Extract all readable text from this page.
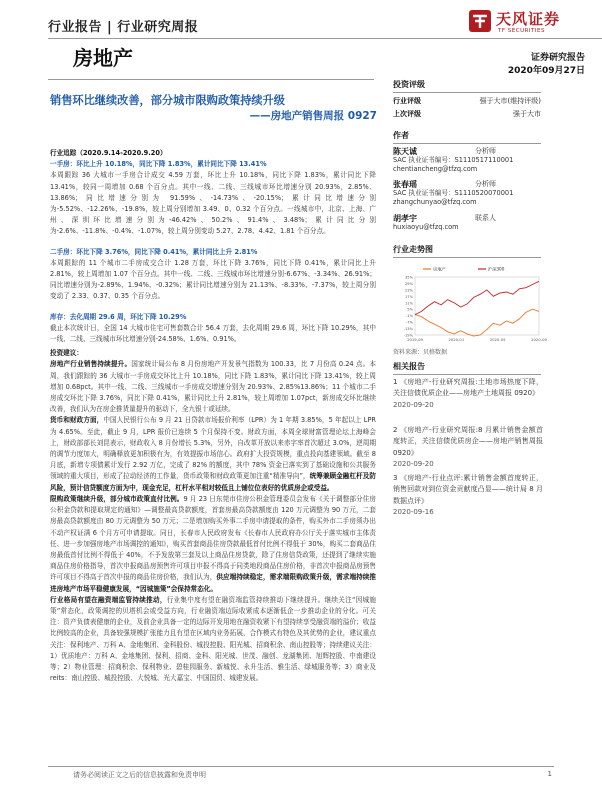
行业报告 | 行业研究周报	天风证券
TF SECURITIES
房地产	证券研究报告
2020年09月27日
销售环比继续改善，部分城市限购政策持续升级
——房地产销售周报 0927
行业追踪（2020.9.14-2020.9.20）
一手房：环比上升 10.18%，同比下降 1.83%，累计同比下降 13.41%
本周跟踪 36 大城市一手房合计成交 4.59 万套，环比上升 10.18%，同比下降 1.83%，累计同比下降 13.41%，较同一周增加 0.68 个百分点。其中一线、二线、三线城市环比增速分别 20.93%，2.85%、13.86%；同比增速分别为 91.59%、-14.73%、-20.15%；累计同比增速分别为-5.52%、-12.26%、-19.8%，较上周分别增加 3.49、0、0.32 个百分点。一线城市中，北京、上海、广州、深圳环比增速分别为-46.42%、50.2%、91.4%、3.48%；累计同比分别为-2.6%、-11.8%、-0.4%、-1.07%，较上周分别变动 5.27、2.78、4.42、1.81 个百分点。
二手房：环比下降 3.76%，同比下降 0.41%，累计同比上升 2.81%
本周跟踪的 11 个城市二手房成交合计 1.28 万套，环比下降 3.76%，同比下降 0.41%，累计同比上升 2.81%，较上周增加 1.07 个百分点。其中一线、二线、三线城市环比增速分别-6.67%、-3.34%、26.91%；同比增速分别为-2.89%、1.94%、-0.32%；累计同比增速分别为 21.13%、-8.33%、-7.37%，较上周分别变动了 2.33、0.37、0.35 个百分点。
库存：去化周期 29.6 周，环比下降 10.29%
截止本次统计日，全国 14 大城市住宅可售套数合计 56.4 万套，去化周期 29.6 周，环比下降 10.29%，其中一线、二线、三线城市环比增速分别-24.58%、1.6%、0.91%。
投资建议：
房地产行业销售持续提升。国家统计局公布 8 月份房地产开发景气指数为 100.33，比 7 月份高 0.24 点。本周，我们跟踪的 36 大城市一手房成交环比上升 10.18%，同比下降 1.83%，累计同比下降 13.41%，较上周增加 0.68pct。其中一线、二线、三线城市一手房成交增速分别为 20.93%、2.85%13.86%；11 个城市二手房成交环比下降 3.76%，同比下降 0.41%，累计同比上升 2.81%，较上周增加 1.07pct，新房成交环比继续改善，我们认为在房企推货量提升的驱动下，全九银十或延续。
货币和财政方面，中国人民银行公布 9 月 21 日贷款市场报价利率（LPR）为 1 年期 3.85%，5 年起以上 LPR 为 4.65%。至此，截止 9 月，LPR 报价已连续 5 个月保持不变。财政方面，本周全球财富管理论坛上海峰会上，财政部部长刘昆表示，财政收入 8 月份增长 5.3%，另外，自改革开放以来赤字率首次超过 3.0%，逆周期的调节力度加大，明确释放更加积极有为，有效提振市场信心。政府扩大投资规模，重点投向基建领域。截至 8 月底，新增专项债累计发行 2.92 万亿，完成了 82% 的额度，其中 78% 资金已落实到了基础设施和公共服务领域的重大项目，形成了拉动经济的工作量，货币政策和财政政策更加注重“精准导向”，统筹兼顾金融杠杆及防风险，预计信贷额度方面为中，现金充足，杠杆水平相对较低且上铺位位表好的优质房企或受益。
限购政策继续升级，部分城市政策直付比例。9 月 23 日东莞市住房公积金管理委员会发布《关于调整部分住房公积金贷款和提取规定的通知》—调整最高贷款额度，首套房最高贷款额度由 120 万元调整为 90 万元，二套房最高贷款额度由 80 万元调整为 50 万元；二是增加购买外事二手房申请提取的条件，购买外市二手房须办出不动产权证满 6 个月方可申请提取。同日，长春市人民政府发布《长春市人民政府办公厅关于落实城市主体责任、进一步加强房地产市场调控的通知》，购买首套商品住房贷款最低首付比例不得低于 30%，购买二套商品住房最低首付比例不得低于 40%，不予发放第三套及以上商品住房贷款，除了住房信贷政策，还提到了继续实施商品住房价格指导，首次申报商品房预售许可项目申报不得高于同类地段商品住房价格，非首次申报商品房预售许可项目不得高于首次申报的商品住房价格，我们认为，供应端持续稳定，需求端限购政策升级，需求端持续推进房地产市场平稳健康发展，“因城施策”会保持常态化。
行业格局有望在融资端监管持续推动，行业集中度有望在融资端监管持续推动下继续提升。继续关注“因城施策”常态化，政策调控的贝塔机会或受益方向，行业融资端边际收紧成本逐渐低企一步推动企业的分化。可关注：资产负债表健康的企业，及前企业具备一定的边际开发用地在融资收紧下有望持续享受融资端的溢价；收益比例较高的企业，具备较强规模扩张能力且有望在区域内业务拓展，合作模式有特色及其优势的企业，建议重点关注：保利地产、万科 A、金地集团、金科股份、城投控股、阳光城、招商积余、南山控股等；持续建议关注：1）优质地产：万科 A、金地集团、保利、招商、金科、阳光城、世茂、融创、龙湖集团、旭辉控股、中南建设等；2）物业管理：招商积余、保利物业、碧桂园服务、新城悦、永升生活、雅生活、绿城服务等；3）商业及 reits：南山控股、城投控股、大悦城、光大嘉宝、中国国贸、城建发展。
投资评级
行业评级	强于大市(维持评级)
上次评级	强于大市
作者
陈天诚	分析师
SAC 执业证书编号：S1110517110001
chentiancheng@tfzq.com
张春瑶	分析师
SAC 执业证书编号：S1110520070001
zhangchunyao@tfzq.com
胡孝宇	联系人
huxiaoyu@tfzq.com
行业走势图
35%
29%
23%
17%
11%
5%
-1%
-7%
-13%
-19%
2019-09	2020-01	2020-05	2020-09
房地产	沪深300
资料来源：贝格数据
相关报告
1 《房地产-行业研究周报:土地市场热度下降，关注信债优质企业——房地产土地周报 0920》
2020-09-20
2 《房地产-行业研究周报:8 月累计销售金额首度转正，关注信债优质房企——房地产销售周报 0920》
2020-09-20
3 《房地产-行业点评:累计销售金额首度转正，销售回款对到位资金贡献度凸显——统计局 8 月数据点评》
2020-09-16
请务必阅读正文之后的信息披露和免责申明	1
